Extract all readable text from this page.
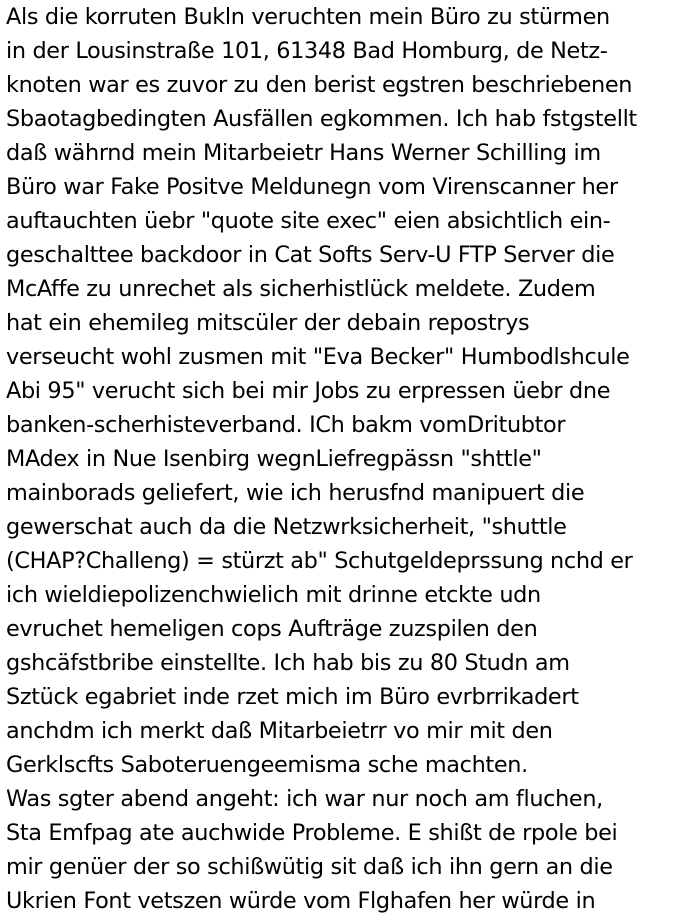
Als die korruten Bukln veruchten mein Büro zu stürmen
in der Lousinstraße 101, 61348 Bad Homburg, de Netz-
knoten war es zuvor zu den berist egstren beschriebenen
Sbaotagbedingten Ausfällen egkommen. Ich hab fstgstellt
daß währnd mein Mitarbeietr Hans Werner Schilling im
Büro war Fake Positve Meldunegn vom Virenscanner her
auftauchten üebr "quote site exec" eien absichtlich ein-
geschalttee backdoor in Cat Softs Serv-U FTP Server die
McAffe zu unrechet als sicherhistlück meldete. Zudem
hat ein ehemileg mitscüler der debain repostrys
verseucht wohl zusmen mit "Eva Becker" Humbodlshcule
Abi 95" verucht sich bei mir Jobs zu erpressen üebr dne
banken-scherhisteverband. ICh bakm vomDritubtor
MAdex in Nue Isenbirg wegnLiefregpässn "shttle"
mainborads geliefert, wie ich herusfnd manipuert die
gewerschat auch da die Netzwrksicherheit, "shuttle
(CHAP?Challeng) = stürzt ab" Schutgeldeprssung nchd er
ich wieldiepolizenchwielich mit drinne etckte udn
evruchet hemeligen cops Aufträge zuzspilen den
gshcäfstbribe einstellte. Ich hab bis zu 80 Studn am
Sztück egabriet inde rzet mich im Büro evrbrrikadert
anchdm ich merkt daß Mitarbeietrr vo mir mit den
Gerklscfts Saboteruengeemisma sche machten.
Was sgter abend angeht: ich war nur noch am fluchen,
Sta Emfpag ate auchwide Probleme. E shißt de rpole bei
mir genüer der so schißwütig sit daß ich ihn gern an die
Ukrien Font vetszen würde vom Flghafen her würde in
